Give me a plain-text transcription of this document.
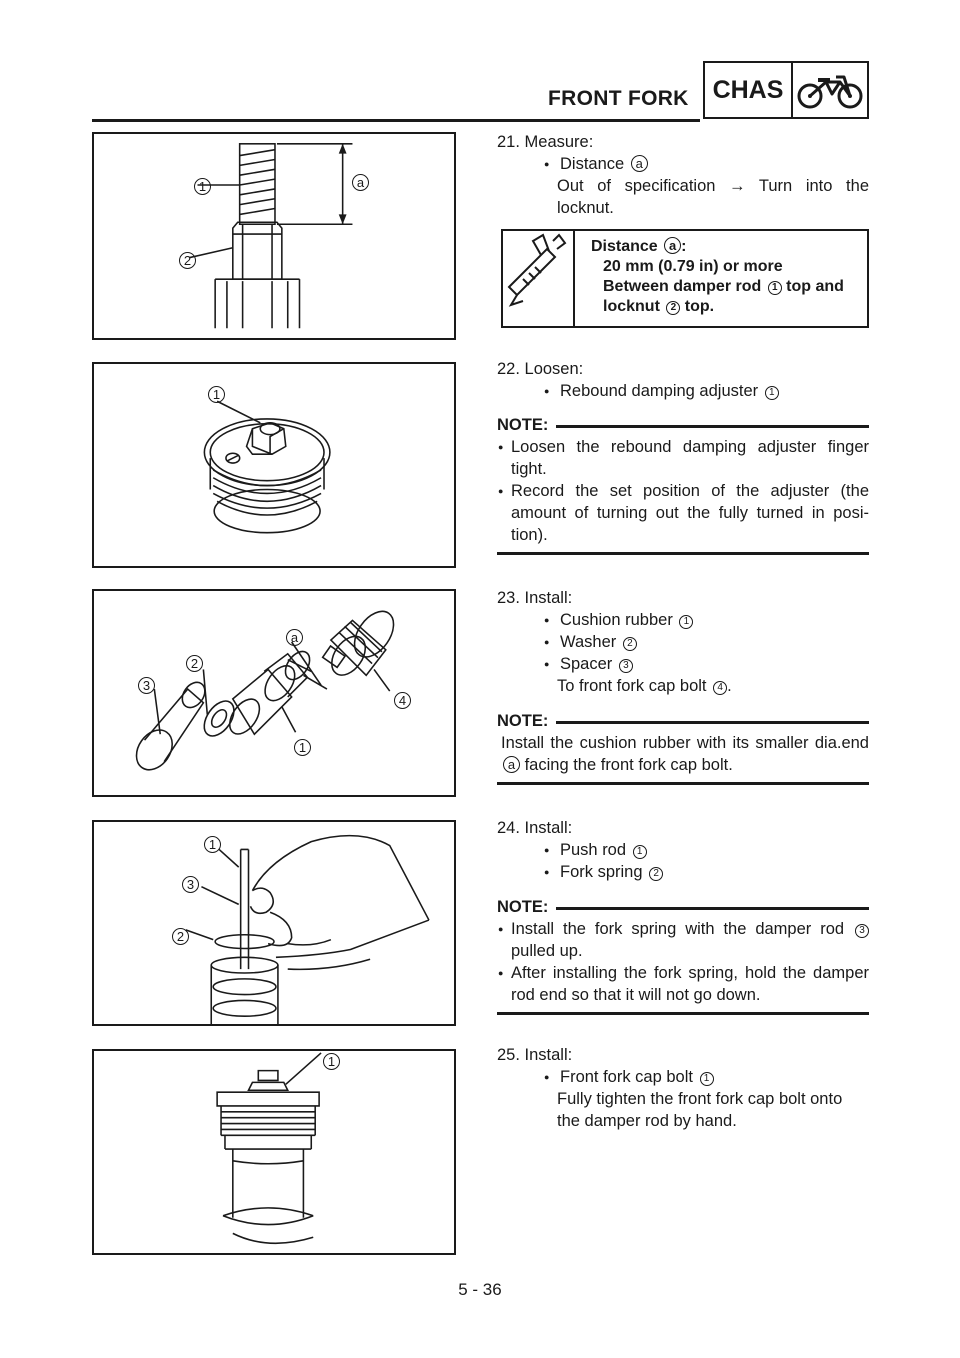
FRONT FORK CHAS
1
2
a
21. Measure:
● Distance a
Out of specification → Turn into the locknut.
Distance a :
20 mm (0.79 in) or more
Between damper rod 1 top and
locknut 2 top.
1
22. Loosen:
● Rebound damping adjuster 1
NOTE:
● Loosen the rebound damping adjuster finger tight.
● Record the set position of the adjuster (the amount of turning out the fully turned in posi-tion).
a
2
3
4
1
23. Install:
● Cushion rubber 1
● Washer 2
● Spacer 3
To front fork cap bolt 4 .
NOTE:
Install the cushion rubber with its smaller dia.end a facing the front fork cap bolt.
1
3
2
24. Install:
● Push rod 1
● Fork spring 2
NOTE:
● Install the fork spring with the damper rod 3 pulled up.
● After installing the fork spring, hold the damper rod end so that it will not go down.
1	25. Install:
● Front fork cap bolt 1
Fully tighten the front fork cap bolt onto the damper rod by hand.
5 - 36
